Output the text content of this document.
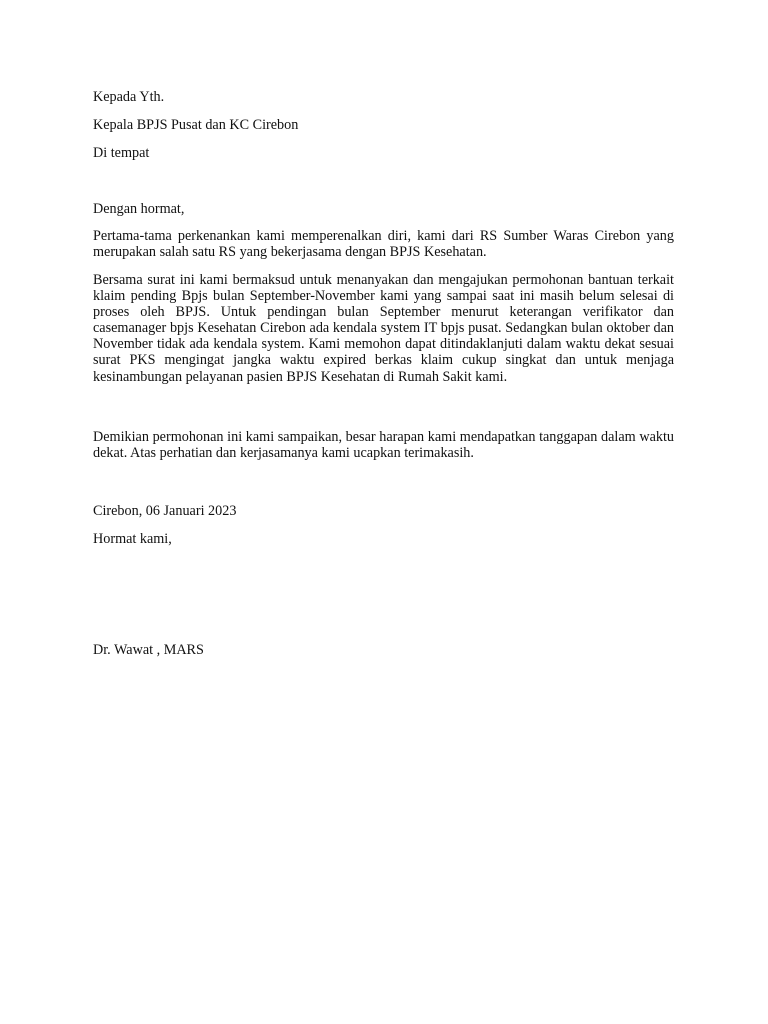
Kepada Yth.
Kepala BPJS Pusat dan KC Cirebon
Di tempat
Dengan hormat,

Pertama-tama perkenankan kami memperenalkan diri, kami dari RS Sumber Waras Cirebon yang merupakan salah satu RS yang bekerjasama dengan BPJS Kesehatan.

Bersama surat ini kami bermaksud untuk menanyakan dan mengajukan permohonan bantuan terkait klaim pending Bpjs bulan September-November kami yang sampai saat ini masih belum selesai di proses oleh BPJS. Untuk pendingan bulan September menurut keterangan verifikator dan casemanager bpjs Kesehatan Cirebon ada kendala system IT bpjs pusat. Sedangkan bulan oktober dan November tidak ada kendala system. Kami memohon dapat ditindaklanjuti dalam waktu dekat sesuai surat PKS mengingat jangka waktu expired berkas klaim cukup singkat dan untuk menjaga kesinambungan pelayanan pasien BPJS Kesehatan di Rumah Sakit kami.

Demikian permohonan ini kami sampaikan, besar harapan kami mendapatkan tanggapan dalam waktu dekat. Atas perhatian dan kerjasamanya kami ucapkan terimakasih.

Cirebon, 06 Januari 2023
Hormat kami,
Dr. Wawat , MARS
